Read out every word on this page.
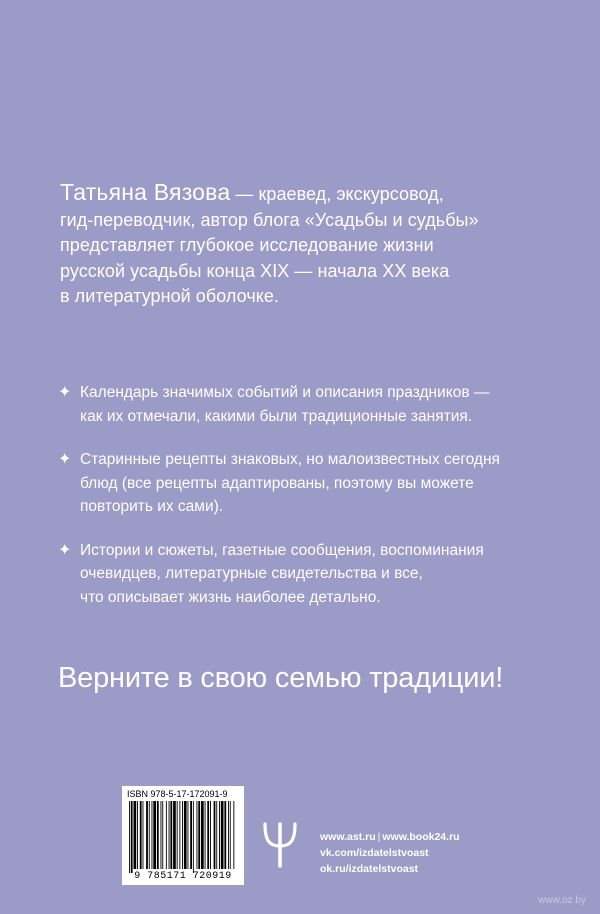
Татьяна Вязова — краевед, экскурсовод,
гид-переводчик, автор блога «Усадьбы и судьбы»
представляет глубокое исследование жизни
русской усадьбы конца XIX — начала XX века
в литературной оболочке.
✦ Календарь значимых событий и описания праздников —
как их отмечали, какими были традиционные занятия.
✦ Старинные рецепты знаковых, но малоизвестных сегодня
блюд (все рецепты адаптированы, поэтому вы можете
повторить их сами).
✦ Истории и сюжеты, газетные сообщения, воспоминания
очевидцев, литературные свидетельства и все,
что описывает жизнь наиболее детально.
Верните в свою семью традиции!
ISBN 978-5-17-172091-9
9 785171 720919
www.ast.ru | www.book24.ru
vk.com/izdatelstvoast
ok.ru/izdatelstvoast
www.oz.by
